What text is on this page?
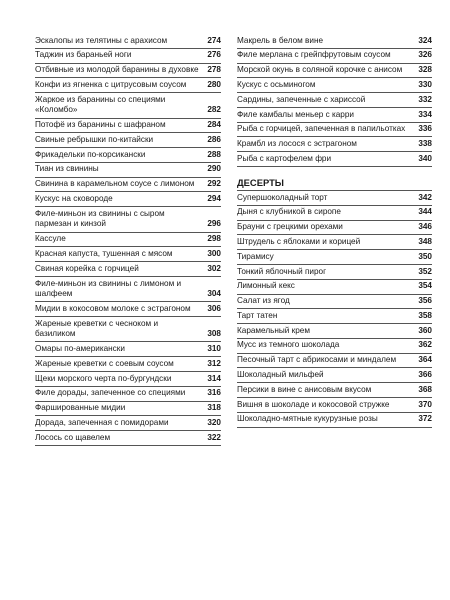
Эскалопы из телятины с арахисом	274
Таджин из бараньей ноги	276
Отбивные из молодой баранины в духовке 278
Конфи из ягненка с цитрусовым соусом	280
Жаркое из баранины со специями «Коломбо»	282
Потофё из баранины с шафраном	284
Свиные ребрышки по-китайски	286
Фрикадельки по-корсикански	288
Тиан из свинины	290
Свинина в карамельном соусе с лимоном	292
Кускус на сковороде	294
Филе-миньон из свинины с сыром пармезан и кинзой	296
Кассуле	298
Красная капуста, тушенная с мясом	300
Свиная корейка с горчицей	302
Филе-миньон из свинины с лимоном и шалфеем	304
Мидии в кокосовом молоке с эстрагоном	306
Жареные креветки с чесноком и базиликом	308
Омары по-американски	310
Жареные креветки с соевым соусом	312
Щеки морского черта по-бургундски	314
Филе дорады, запеченное со специями	316
Фаршированные мидии	318
Дорада, запеченная с помидорами	320
Лосось со щавелем	322
Макрель в белом вине	324
Филе мерлана с грейпфрутовым соусом	326
Морской окунь в соляной корочке с анисом	328
Кускус с осьминогом	330
Сардины, запеченные с хариссой	332
Филе камбалы меньер с карри	334
Рыба с горчицей, запеченная в папильотках	336
Крамбл из лосося с эстрагоном	338
Рыба с картофелем фри	340
ДЕСЕРТЫ
Супершоколадный торт	342
Дыня с клубникой в сиропе	344
Брауни с грецкими орехами	346
Штрудель с яблоками и корицей	348
Тирамису	350
Тонкий яблочный пирог	352
Лимонный кекс	354
Салат из ягод	356
Тарт татен	358
Карамельный крем	360
Мусс из темного шоколада	362
Песочный тарт с абрикосами и миндалем	364
Шоколадный мильфей	366
Персики в вине с анисовым вкусом	368
Вишня в шоколаде и кокосовой стружке	370
Шоколадно-мятные кукурузные розы	372
